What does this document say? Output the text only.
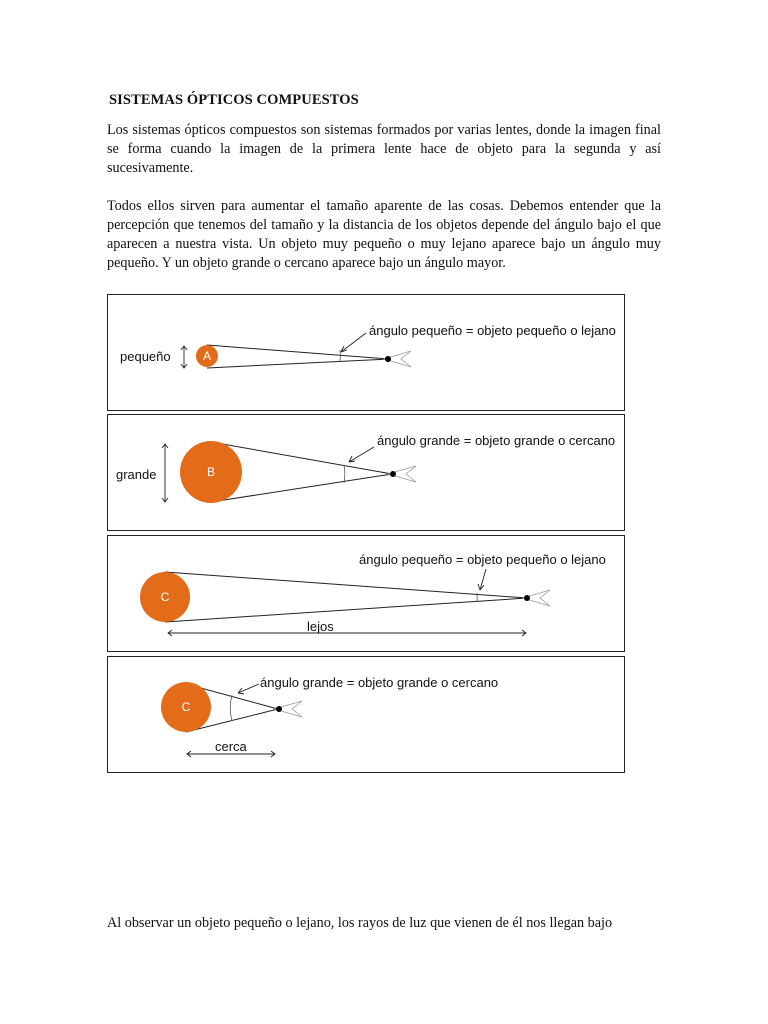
SISTEMAS ÓPTICOS COMPUESTOS

Los sistemas ópticos compuestos son sistemas formados por varias lentes, donde la imagen final se forma cuando la imagen de la primera lente hace de objeto para la segunda y así sucesivamente.

Todos ellos sirven para aumentar el tamaño aparente de las cosas. Debemos entender que la percepción que tenemos del tamaño y la distancia de los objetos depende del ángulo bajo el que aparecen a nuestra vista. Un objeto muy pequeño o muy lejano aparece bajo un ángulo muy pequeño. Y un objeto grande o cercano aparece bajo un ángulo mayor.

A
ángulo pequeño = objeto pequeño o lejano
pequeño
B
ángulo grande = objeto grande o cercano
grande
C
ángulo pequeño = objeto pequeño o lejano
lejos
C
ángulo grande = objeto grande o cercano
cerca

Al observar un objeto pequeño o lejano, los rayos de luz que vienen de él nos llegan bajo
